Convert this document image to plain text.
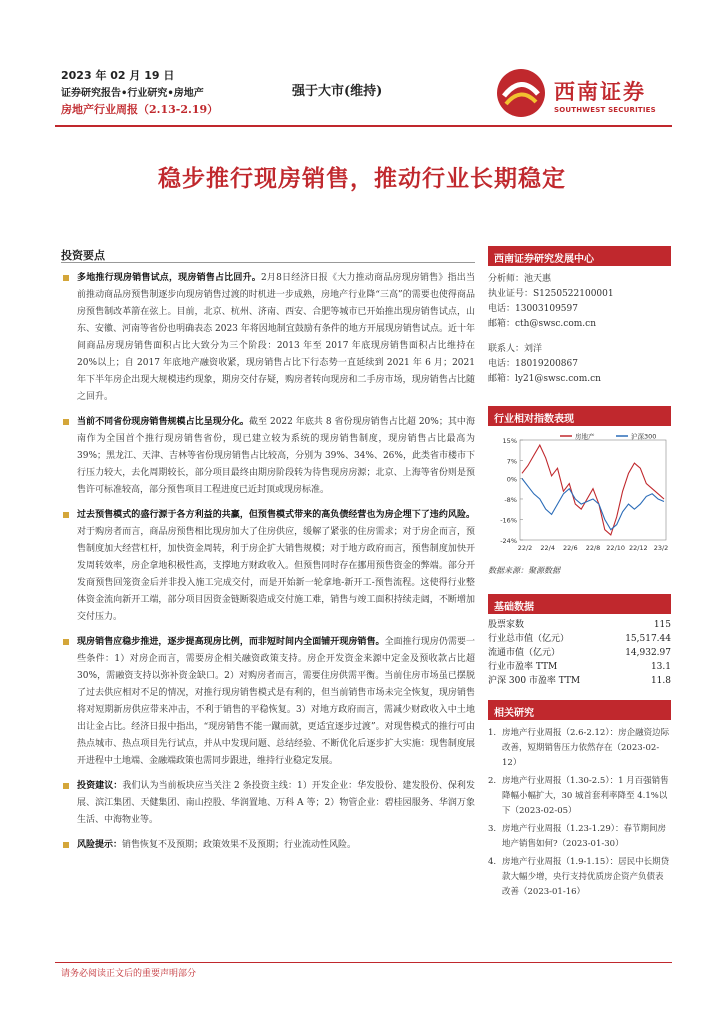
2023 年 02 月 19 日
证券研究报告•行业研究•房地产
房地产行业周报（2.13-2.19）
强于大市(维持)	西南证券
SOUTHWEST SECURITIES
稳步推行现房销售，推动行业长期稳定
投资要点
多地推行现房销售试点，现房销售占比回升。2月8日经济日报《大力推动商品房现房销售》指出当前推动商品房预售制逐步向现房销售过渡的时机进一步成熟，房地产行业降“三高”的需要也使得商品房预售制改革箭在弦上。目前，北京、杭州、济南、西安、合肥等城市已开始推出现房销售试点，山东、安徽、河南等省份也明确表态 2023 年将因地制宜鼓励有条件的地方开展现房销售试点。近十年间商品房现房销售面积占比大致分为三个阶段：2013 年至 2017 年底现房销售面积占比维持在 20%以上；自 2017 年底地产融资收紧，现房销售占比下行态势一直延续到 2021 年 6 月；2021 年下半年房企出现大规模违约现象，期房交付存疑，购房者转向现房和二手房市场，现房销售占比随之回升。
当前不同省份现房销售规模占比呈现分化。截至 2022 年底共 8 省份现房销售占比超 20%；其中海南作为全国首个推行现房销售省份，现已建立较为系统的现房销售制度，现房销售占比最高为 39%；黑龙江、天津、吉林等省份现房销售占比较高，分别为 39%、34%、26%，此类省市楼市下行压力较大，去化周期较长，部分项目最终由期房阶段转为待售现房房源；北京、上海等省份则是预售许可标准较高，部分预售项目工程进度已近封顶或现房标准。
过去预售模式的盛行源于各方利益的共赢，但预售模式带来的高负债经营也为房企埋下了违约风险。对于购房者而言，商品房预售相比现房加大了住房供应，缓解了紧张的住房需求；对于房企而言，预售制度加大经营杠杆，加快资金周转，利于房企扩大销售规模；对于地方政府而言，预售制度加快开发周转效率，房企拿地积极性高，支撑地方财政收入。但预售同时存在挪用预售资金的弊端。部分开发商预售回笼资金后并非投入施工完成交付，而是开始新一轮拿地-新开工-预售流程。这使得行业整体资金流向新开工端，部分项目因资金链断裂造成交付施工难，销售与竣工面积持续走阔，不断增加交付压力。
现房销售应稳步推进，逐步提高现房比例，而非短时间内全面铺开现房销售。全面推行现房仍需要一些条件：1）对房企而言，需要房企相关融资政策支持。房企开发资金来源中定金及预收款占比超 30%，需融资支持以弥补资金缺口。2）对购房者而言，需要住房供需平衡。当前住房市场虽已摆脱了过去供应相对不足的情况，对推行现房销售模式是有利的，但当前销售市场未完全恢复，现房销售将对短期新房供应带来冲击，不利于销售的平稳恢复。3）对地方政府而言，需减少财政收入中土地出让金占比。经济日报中指出，“现房销售不能一蹴而就，更适宜逐步过渡”。对现售模式的推行可由热点城市、热点项目先行试点，并从中发现问题、总结经验、不断优化后逐步扩大实施：现售制度展开进程中土地端、金融端政策也需同步跟进，维持行业稳定发展。
投资建议：我们认为当前板块应当关注 2 条投资主线：1）开发企业：华发股份、建发股份、保利发展、滨江集团、天健集团、南山控股、华润置地、万科 A 等；2）物管企业：碧桂园服务、华润万象生活、中海物业等。
风险提示：销售恢复不及预期；政策效果不及预期；行业流动性风险。
西南证券研究发展中心
分析师：池天惠
执业证号：S1250522100001
电话：13003109597
邮箱：cth@swsc.com.cn
联系人：刘洋
电话：18019200867
邮箱：ly21@swsc.com.cn
行业相对指数表现
15%
7%
0%
-8%
-16%
-24%
22/2 22/4 22/6 22/8 22/10 22/12 23/2
房地产	沪深300
数据来源：聚源数据
基础数据
股票家数	115
行业总市值（亿元）	15,517.44
流通市值（亿元）	14,932.97
行业市盈率 TTM	13.1
沪深 300 市盈率 TTM	11.8
相关研究
1. 房地产行业周报（2.6-2.12）：房企融资边际改善，短期销售压力依然存在（2023-02-12）
2. 房地产行业周报（1.30-2.5）：1 月百强销售降幅小幅扩大，30 城首套利率降至 4.1%以下（2023-02-05）
3. 房地产行业周报（1.23-1.29）：春节期间房地产销售如何?（2023-01-30）
4. 房地产行业周报（1.9-1.15）：居民中长期贷款大幅少增，央行支持优质房企资产负债表改善（2023-01-16）
请务必阅读正文后的重要声明部分
